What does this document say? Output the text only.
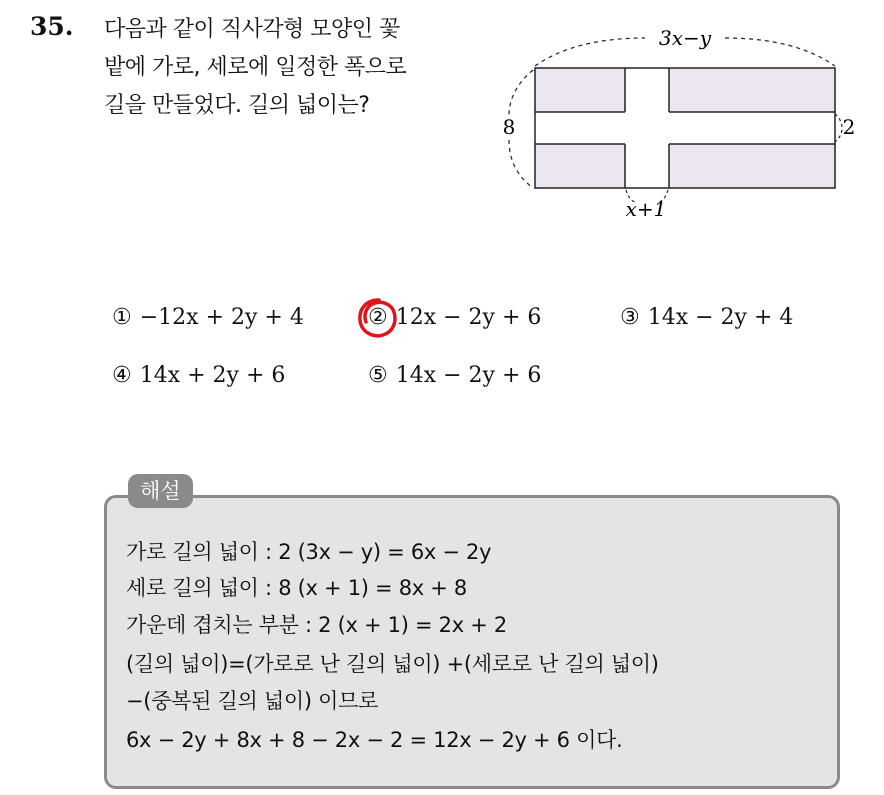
35. 다음과 같이 직사각형 모양인 꽃
밭에 가로, 세로에 일정한 폭으로
길을 만들었다. 길의 넓이는?
3x−y
8	2
x+1
① −12x + 2y + 4	② 12x − 2y + 6	③ 14x − 2y + 4
④ 14x + 2y + 6	⑤ 14x − 2y + 6
해설
가로 길의 넓이 : 2 (3x − y) = 6x − 2y
세로 길의 넓이 : 8 (x + 1) = 8x + 8
가운데 겹치는 부분 : 2 (x + 1) = 2x + 2
(길의 넓이)=(가로로 난 길의 넓이) +(세로로 난 길의 넓이)
−(중복된 길의 넓이) 이므로
6x − 2y + 8x + 8 − 2x − 2 = 12x − 2y + 6 이다.
